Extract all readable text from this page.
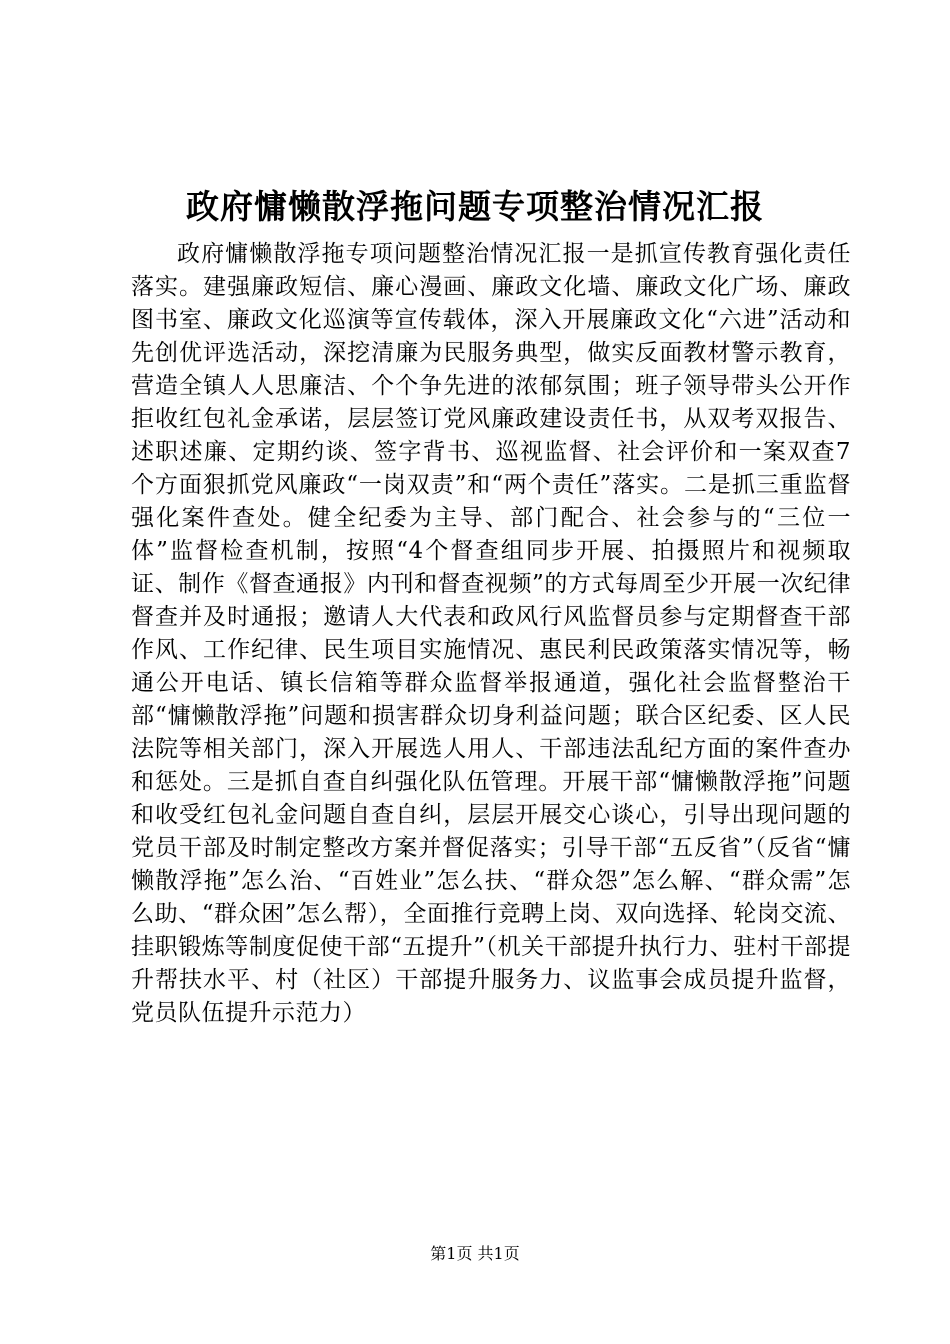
政府慵懒散浮拖问题专项整治情况汇报

政府慵懒散浮拖专项问题整治情况汇报一是抓宣传教育强化责任落实。建强廉政短信、廉心漫画、廉政文化墙、廉政文化广场、廉政图书室、廉政文化巡演等宣传载体，深入开展廉政文化“六进”活动和先创优评选活动，深挖清廉为民服务典型，做实反面教材警示教育，营造全镇人人思廉洁、个个争先进的浓郁氛围；班子领导带头公开作拒收红包礼金承诺，层层签订党风廉政建设责任书，从双考双报告、述职述廉、定期约谈、签字背书、巡视监督、社会评价和一案双查7个方面狠抓党风廉政“一岗双责”和“两个责任”落实。二是抓三重监督强化案件查处。健全纪委为主导、部门配合、社会参与的“三位一体”监督检查机制，按照“4个督查组同步开展、拍摄照片和视频取证、制作《督查通报》内刊和督查视频”的方式每周至少开展一次纪律督查并及时通报；邀请人大代表和政风行风监督员参与定期督查干部作风、工作纪律、民生项目实施情况、惠民利民政策落实情况等，畅通公开电话、镇长信箱等群众监督举报通道，强化社会监督整治干部“慵懒散浮拖”问题和损害群众切身利益问题；联合区纪委、区人民法院等相关部门，深入开展选人用人、干部违法乱纪方面的案件查办和惩处。三是抓自查自纠强化队伍管理。开展干部“慵懒散浮拖”问题和收受红包礼金问题自查自纠，层层开展交心谈心，引导出现问题的党员干部及时制定整改方案并督促落实；引导干部“五反省”（反省“慵懒散浮拖”怎么治、“百姓业”怎么扶、“群众怨”怎么解、“群众需”怎么助、“群众困”怎么帮），全面推行竞聘上岗、双向选择、轮岗交流、挂职锻炼等制度促使干部“五提升”（机关干部提升执行力、驻村干部提升帮扶水平、村（社区）干部提升服务力、议监事会成员提升监督，党员队伍提升示范力）

第1页 共1页
